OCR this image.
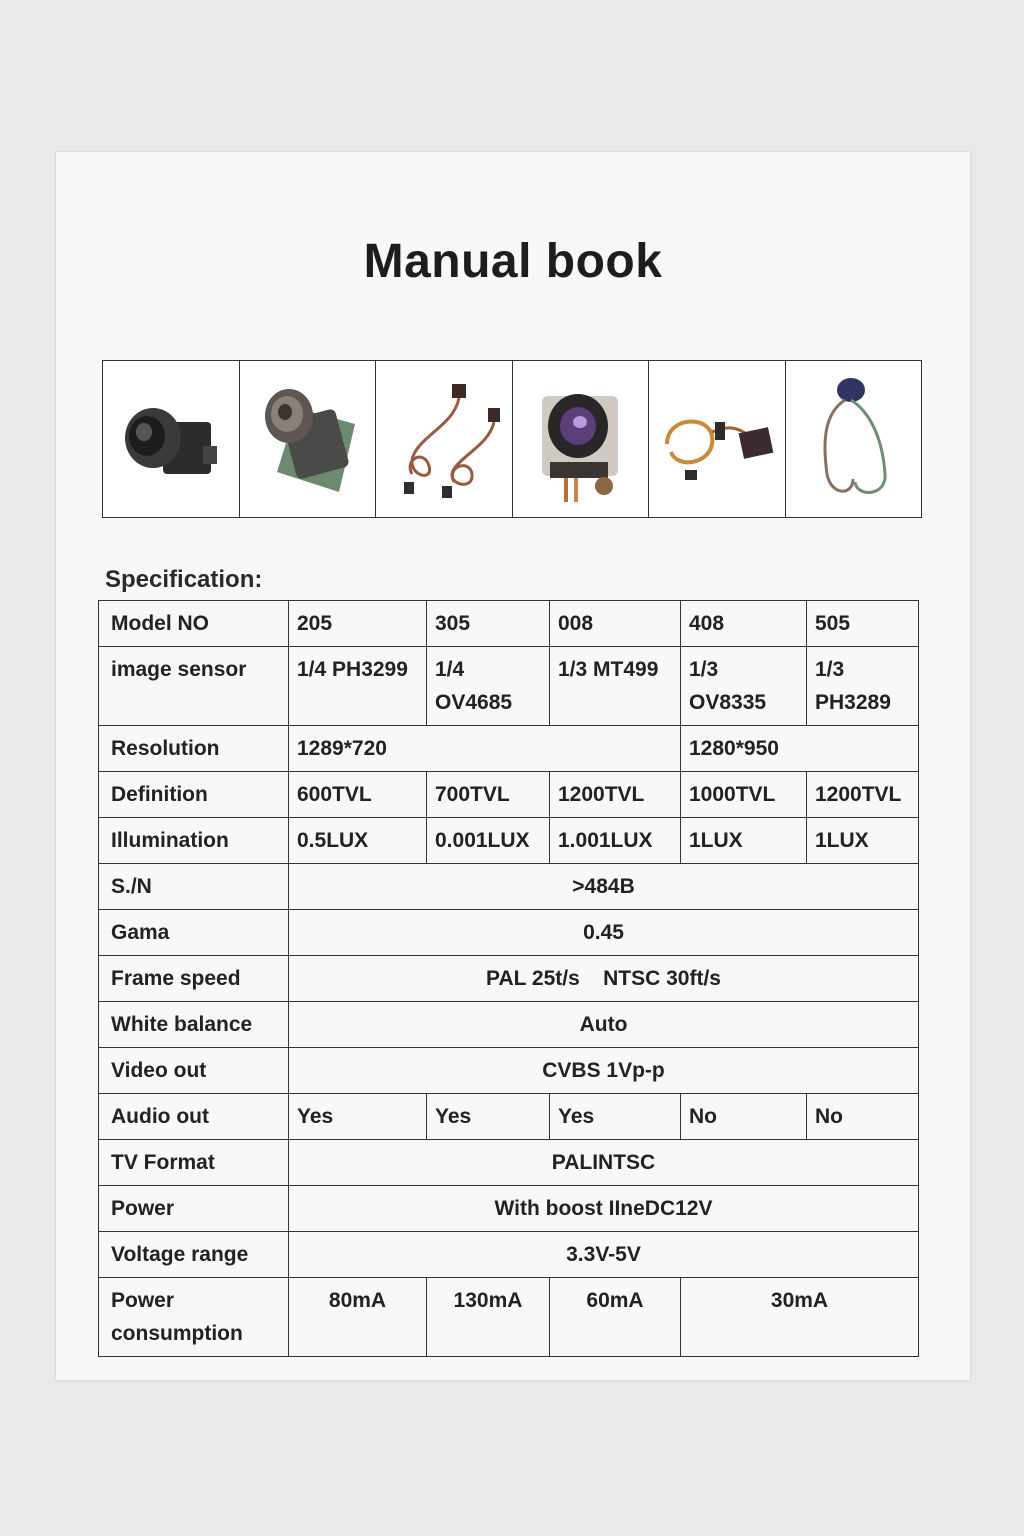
Manual book
Specification:
Model NO	205	305	008	408	505
image sensor	1/4 PH3299	1/4 OV4685	1/3 MT499	1/3 OV8335	1/3 PH3289
Resolution	1289*720			1280*950	
Definition	600TVL	700TVL	1200TVL	1000TVL	1200TVL
Illumination	0.5LUX	0.001LUX	1.001LUX	1LUX	1LUX
S./N	>484B				
Gama	0.45				
Frame speed	PAL 25t/s    NTSC 30ft/s				
White balance	Auto				
Video out	CVBS 1Vp-p				
Audio out	Yes	Yes	Yes	No	No
TV Format	PALINTSC				
Power	With boost IIneDC12V				
Voltage range	3.3V-5V				
Power consumption	80mA	130mA	60mA	30mA	
